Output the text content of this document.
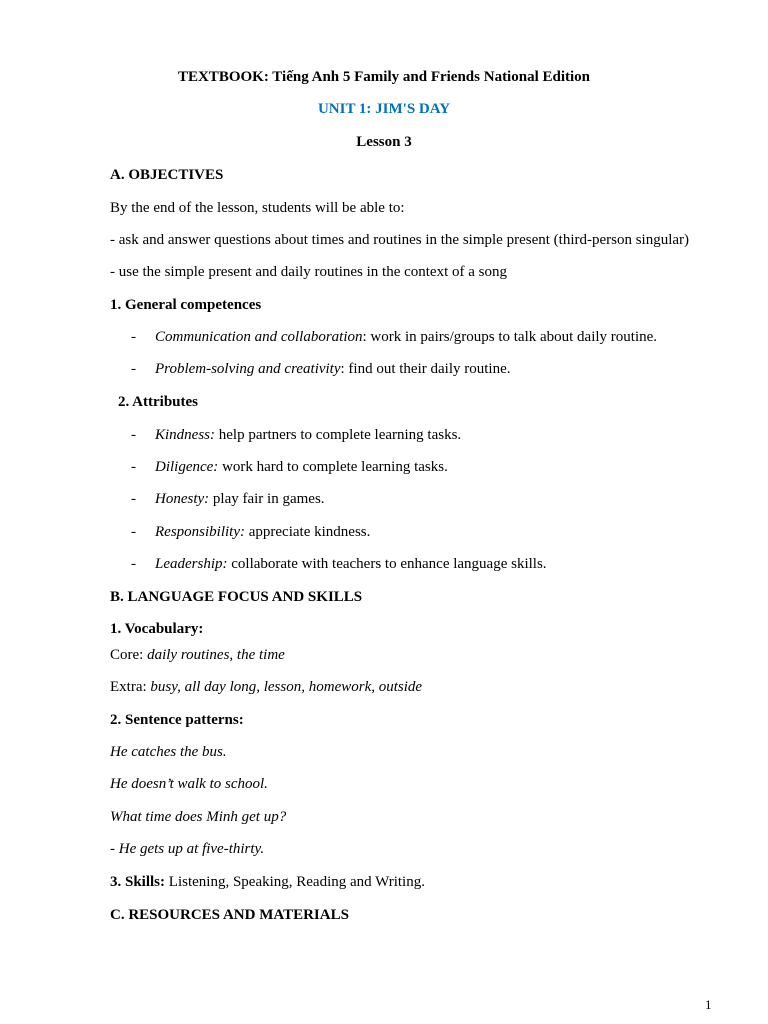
TEXTBOOK: Tiếng Anh 5 Family and Friends National Edition
UNIT 1: JIM'S DAY
Lesson 3
A. OBJECTIVES
By the end of the lesson, students will be able to:
- ask and answer questions about times and routines in the simple present (third-person singular)
- use the simple present and daily routines in the context of a song
1. General competences
- Communication and collaboration: work in pairs/groups to talk about daily routine.
- Problem-solving and creativity: find out their daily routine.
2. Attributes
- Kindness: help partners to complete learning tasks.
- Diligence: work hard to complete learning tasks.
- Honesty: play fair in games.
- Responsibility: appreciate kindness.
- Leadership: collaborate with teachers to enhance language skills.
B. LANGUAGE FOCUS AND SKILLS
1. Vocabulary:
Core: daily routines, the time
Extra: busy, all day long, lesson, homework, outside
2. Sentence patterns:
He catches the bus.
He doesn’t walk to school.
What time does Minh get up?
- He gets up at five-thirty.
3. Skills: Listening, Speaking, Reading and Writing.
C. RESOURCES AND MATERIALS
1
